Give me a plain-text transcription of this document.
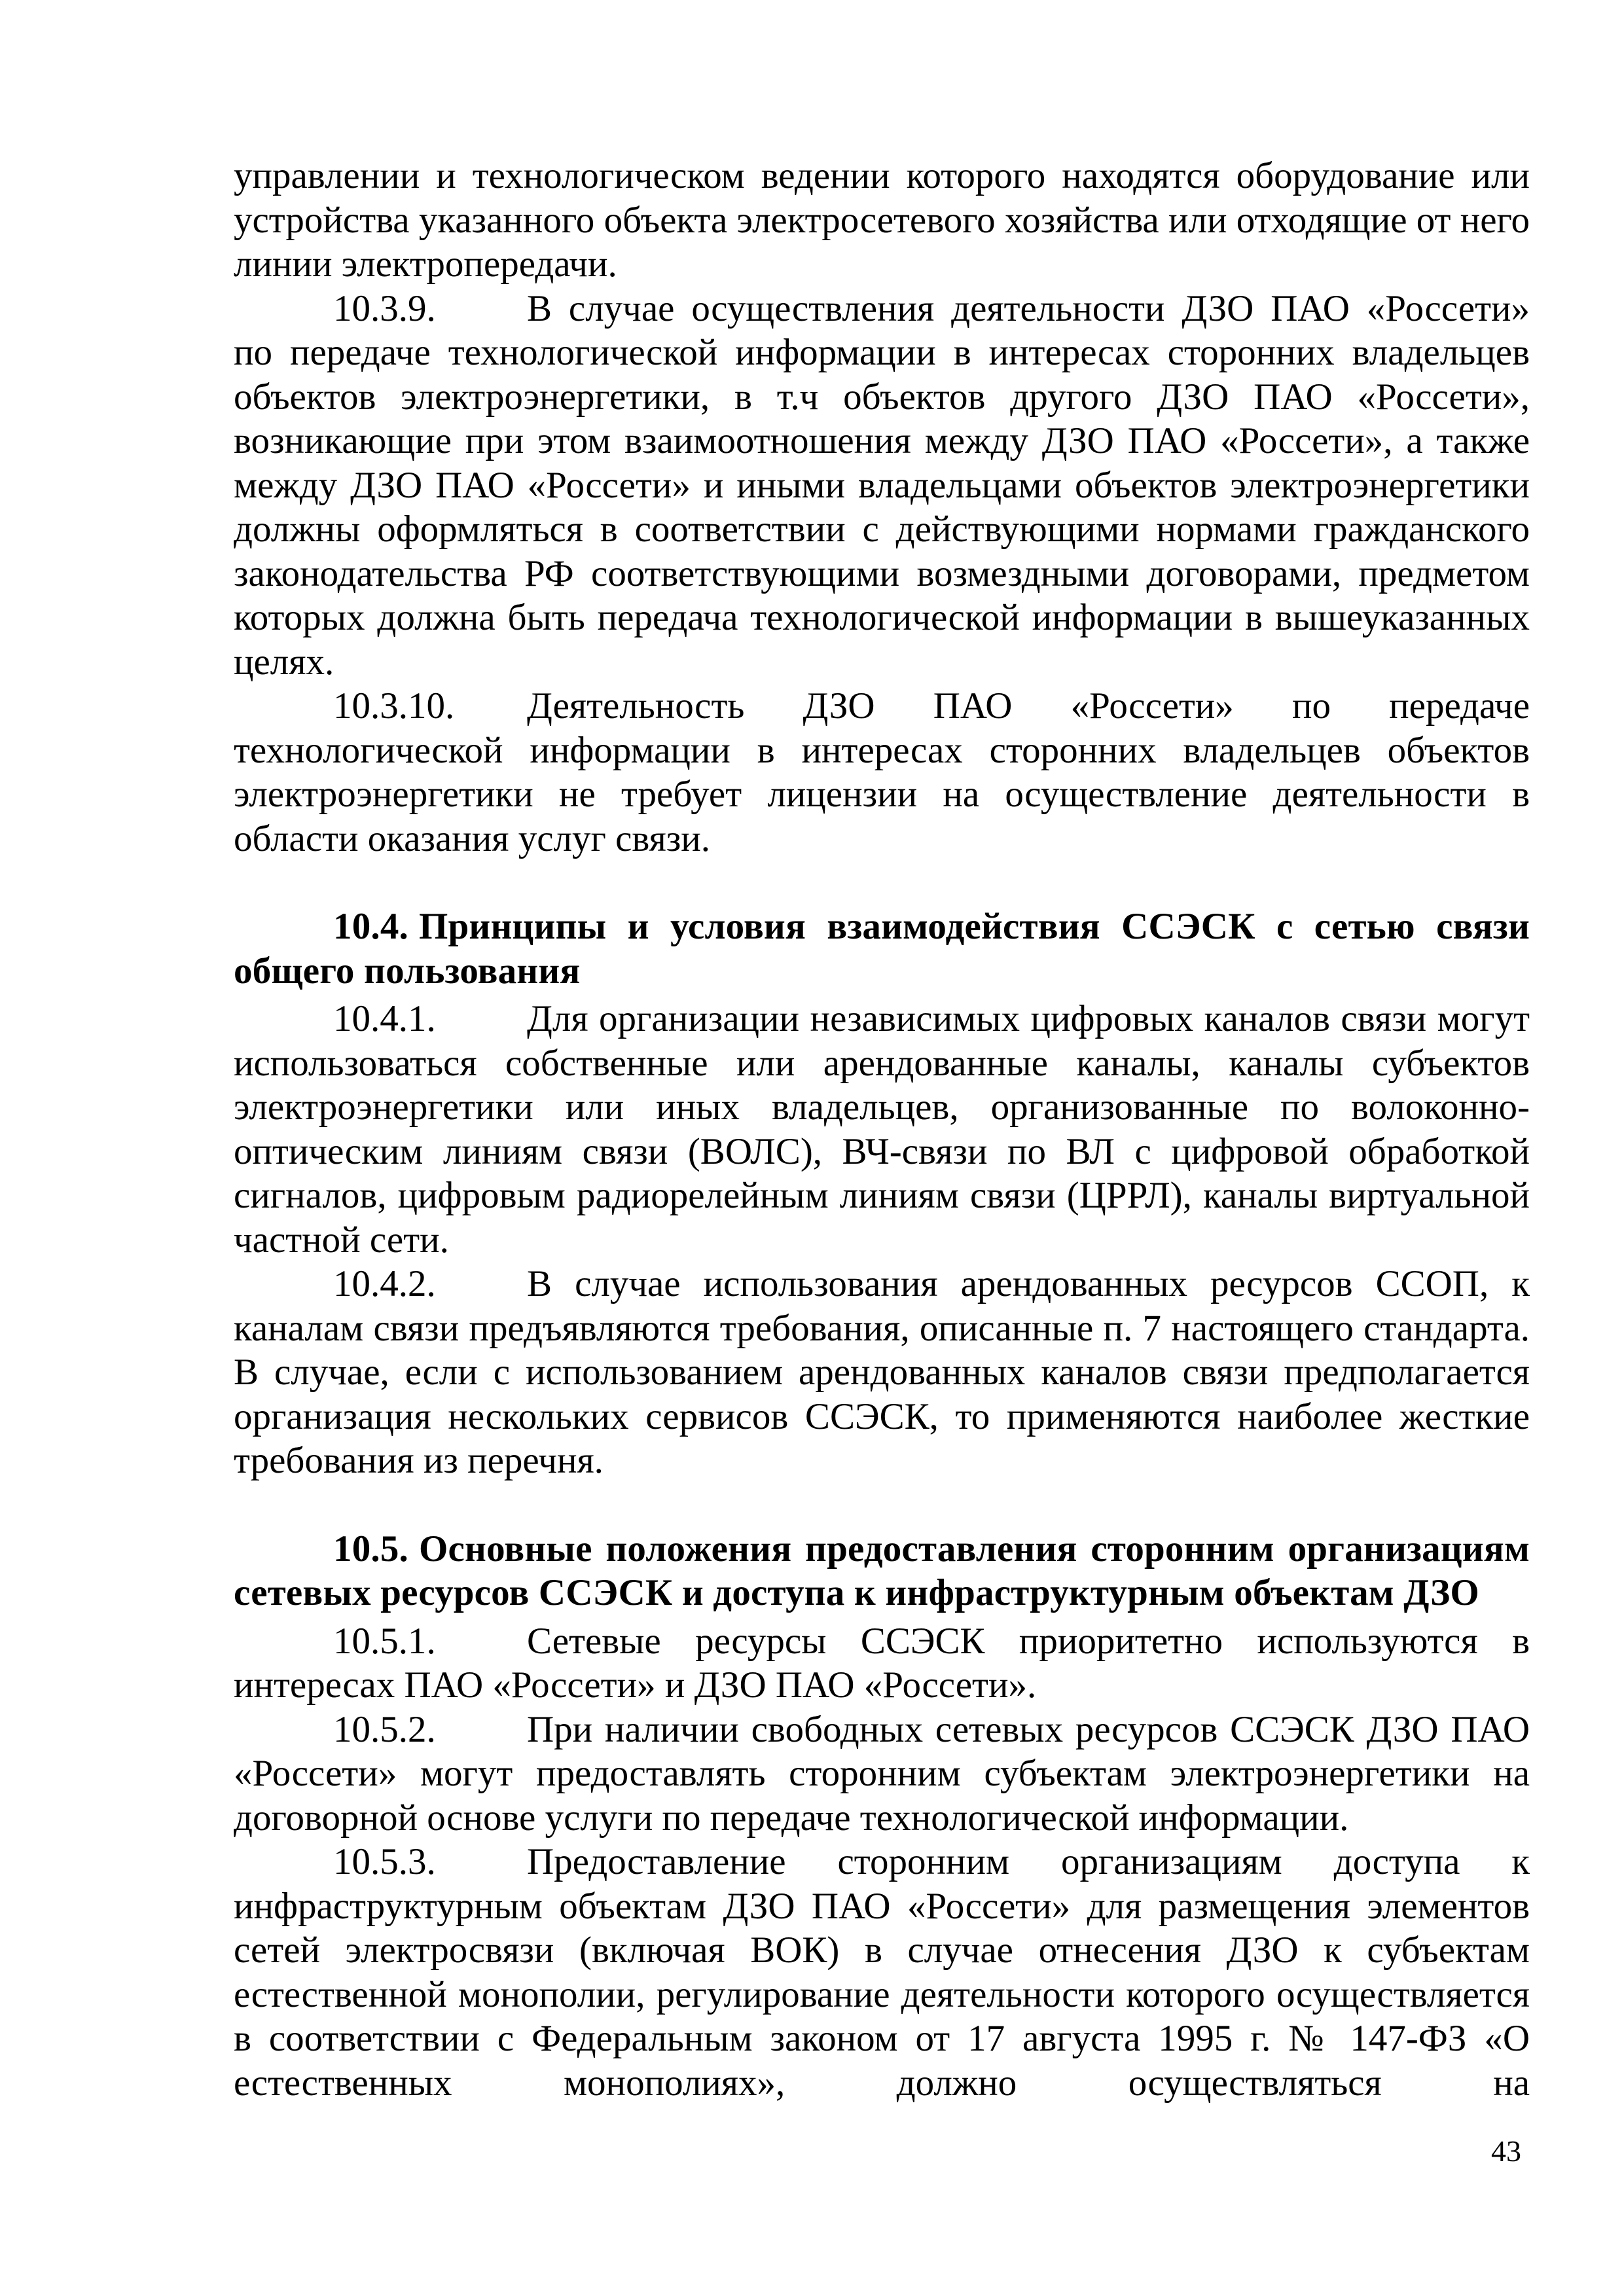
управлении и технологическом ведении которого находятся оборудование или устройства указанного объекта электросетевого хозяйства или отходящие от него линии электропередачи.

10.3.9. В случае осуществления деятельности ДЗО ПАО «Россети» по передаче технологической информации в интересах сторонних владельцев объектов электроэнергетики, в т.ч объектов другого ДЗО ПАО «Россети», возникающие при этом взаимоотношения между ДЗО ПАО «Россети», а также между ДЗО ПАО «Россети» и иными владельцами объектов электроэнергетики должны оформляться в соответствии с действующими нормами гражданского законодательства РФ соответствующими возмездными договорами, предметом которых должна быть передача технологической информации в вышеуказанных целях.

10.3.10. Деятельность ДЗО ПАО «Россети» по передаче технологической информации в интересах сторонних владельцев объектов электроэнергетики не требует лицензии на осуществление деятельности в области оказания услуг связи.

10.4. Принципы и условия взаимодействия ССЭСК с сетью связи общего пользования

10.4.1. Для организации независимых цифровых каналов связи могут использоваться собственные или арендованные каналы, каналы субъектов электроэнергетики или иных владельцев, организованные по волоконно-оптическим линиям связи (ВОЛС), ВЧ-связи по ВЛ с цифровой обработкой сигналов, цифровым радиорелейным линиям связи (ЦРРЛ), каналы виртуальной частной сети.

10.4.2. В случае использования арендованных ресурсов ССОП, к каналам связи предъявляются требования, описанные п. 7 настоящего стандарта. В случае, если с использованием арендованных каналов связи предполагается организация нескольких сервисов ССЭСК, то применяются наиболее жесткие требования из перечня.

10.5. Основные положения предоставления сторонним организациям сетевых ресурсов ССЭСК и доступа к инфраструктурным объектам ДЗО

10.5.1. Сетевые ресурсы ССЭСК приоритетно используются в интересах ПАО «Россети» и ДЗО ПАО «Россети».

10.5.2. При наличии свободных сетевых ресурсов ССЭСК ДЗО ПАО «Россети» могут предоставлять сторонним субъектам электроэнергетики на договорной основе услуги по передаче технологической информации.

10.5.3. Предоставление сторонним организациям доступа к инфраструктурным объектам ДЗО ПАО «Россети» для размещения элементов сетей электросвязи (включая ВОК) в случае отнесения ДЗО к субъектам естественной монополии, регулирование деятельности которого осуществляется в соответствии с Федеральным законом от 17 августа 1995 г. № 147-ФЗ «О естественных монополиях», должно осуществляться на

43
